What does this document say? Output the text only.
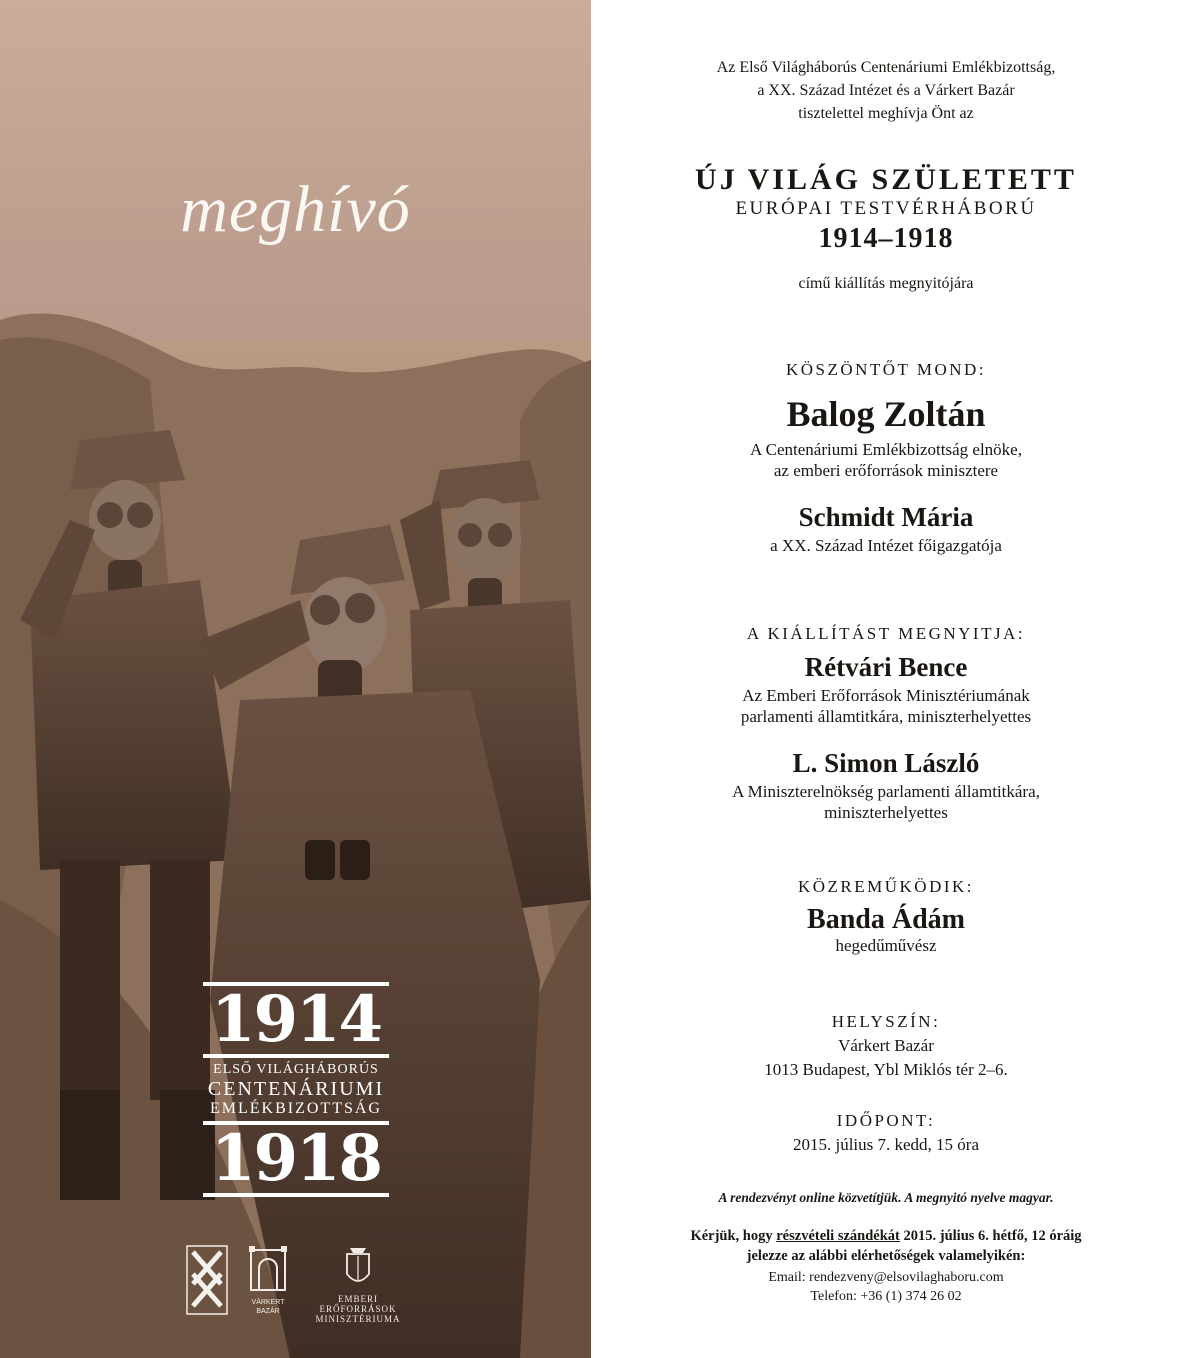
meghívó
1914
ELSŐ VILÁGHÁBORÚS
CENTENÁRIUMI
EMLÉKBIZOTTSÁG
1918
VÁRKERT
BAZÁR
EMBERI ERŐFORRÁSOK
MINISZTÉRIUMA

Az Első Világháborús Centenáriumi Emlékbizottság,

a XX. Század Intézet és a Várkert Bazár

tisztelettel meghívja Önt az

ÚJ VILÁG SZÜLETETT
EURÓPAI TESTVÉRHÁBORÚ
1914–1918
című kiállítás megnyitójára
KÖSZÖNTŐT MOND:
Balog Zoltán
A Centenáriumi Emlékbizottság elnöke,
az emberi erőforrások minisztere
Schmidt Mária
a XX. Század Intézet főigazgatója
A KIÁLLÍTÁST MEGNYITJA:
Rétvári Bence
Az Emberi Erőforrások Minisztériumának
parlamenti államtitkára, miniszterhelyettes
L. Simon László
A Miniszterelnökség parlamenti államtitkára,
miniszterhelyettes
KÖZREMŰKÖDIK:
Banda Ádám
hegedűművész
HELYSZÍN:
Várkert Bazár
1013 Budapest, Ybl Miklós tér 2–6.
IDŐPONT:
2015. július 7. kedd, 15 óra
A rendezvényt online közvetítjük. A megnyitó nyelve magyar.
Kérjük, hogy részvételi szándékát 2015. július 6. hétfő, 12 óráig
jelezze az alábbi elérhetőségek valamelyikén:
Email: rendezveny@elsovilaghaboru.com
Telefon: +36 (1) 374 26 02
